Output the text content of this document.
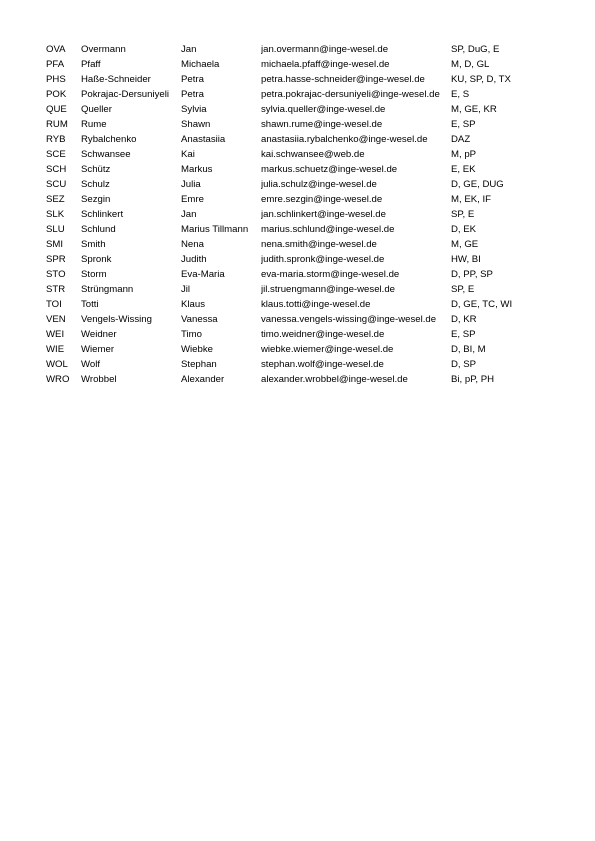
OVA	Overmann	Jan	jan.overmann@inge-wesel.de	SP, DuG, E
PFA	Pfaff	Michaela	michaela.pfaff@inge-wesel.de	M, D, GL
PHS	Haße-Schneider	Petra	petra.hasse-schneider@inge-wesel.de	KU, SP, D, TX
POK	Pokrajac-Dersuniyeli	Petra	petra.pokrajac-dersuniyeli@inge-wesel.de	E, S
QUE	Queller	Sylvia	sylvia.queller@inge-wesel.de	M, GE, KR
RUM	Rume	Shawn	shawn.rume@inge-wesel.de	E, SP
RYB	Rybalchenko	Anastasiia	anastasiia.rybalchenko@inge-wesel.de	DAZ
SCE	Schwansee	Kai	kai.schwansee@web.de	M, pP
SCH	Schütz	Markus	markus.schuetz@inge-wesel.de	E, EK
SCU	Schulz	Julia	julia.schulz@inge-wesel.de	D, GE, DUG
SEZ	Sezgin	Emre	emre.sezgin@inge-wesel.de	M, EK, IF
SLK	Schlinkert	Jan	jan.schlinkert@inge-wesel.de	SP, E
SLU	Schlund	Marius Tillmann	marius.schlund@inge-wesel.de	D, EK
SMI	Smith	Nena	nena.smith@inge-wesel.de	M, GE
SPR	Spronk	Judith	judith.spronk@inge-wesel.de	HW, BI
STO	Storm	Eva-Maria	eva-maria.storm@inge-wesel.de	D, PP, SP
STR	Strüngmann	Jil	jil.struengmann@inge-wesel.de	SP, E
TOI	Totti	Klaus	klaus.totti@inge-wesel.de	D, GE, TC, WI
VEN	Vengels-Wissing	Vanessa	vanessa.vengels-wissing@inge-wesel.de	D, KR
WEI	Weidner	Timo	timo.weidner@inge-wesel.de	E, SP
WIE	Wiemer	Wiebke	wiebke.wiemer@inge-wesel.de	D, BI, M
WOL	Wolf	Stephan	stephan.wolf@inge-wesel.de	D, SP
WRO	Wrobbel	Alexander	alexander.wrobbel@inge-wesel.de	Bi, pP, PH
